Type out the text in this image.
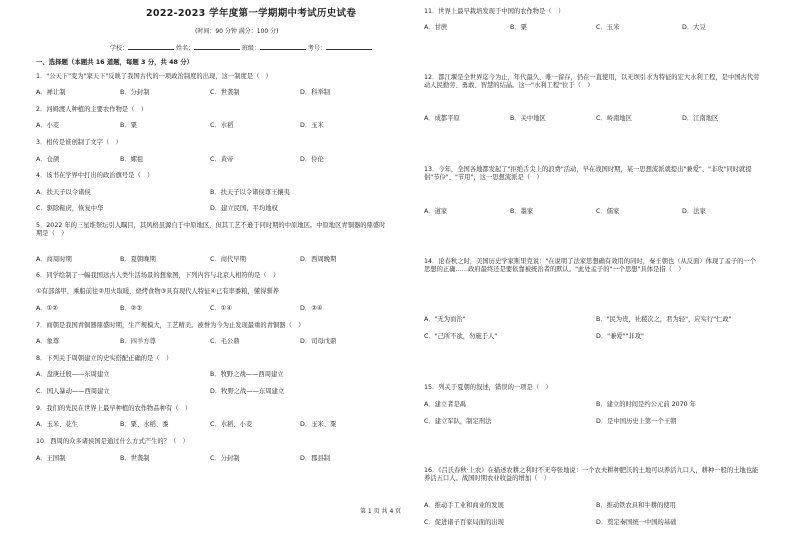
2022-2023 学年度第一学期期中考试历史试卷
(时间：90 分钟 满分：100 分)
学校：	姓名：	班级：	考号：
一、选择题（本题共 16 道题，每题 3 分，共 48 分）
1．"公天下"变为"家天下"反映了我国古代的一项政治制度的出现，这一制度是（　）
A．禅让制	B．分封制	C．世袭制	D．科举制
2．河姆渡人种植的主要农作物是（　）
A．小麦	B．粟	C．水稻	D．玉米
3．相传是谁创制了文字（　）
A．仓颉	B．嫘祖	C．黄帝	D．伶伦
4．该书在学界中打出的政治旗号是（　）
A．扶天子以令诸侯	B．扶天子以令诸侯尊王攘夷
C．驱除鞑虏，恢复中华	D．建立民国，平均地权
5．2022 年的三星堆祭坛引人瞩目，其风格虽源自于中原地区，但其工艺不逊于同时期的中原地区。中原地区青铜器的鼎盛时期是（　）
A．商周时期	B．夏朝晚期	C．商代早期	D．西周晚期
6．同学绘制了一幅我国远古人类生活场景的想象图，下列内容与北京人相符的是（　）
①有部落甲，乘船前往②用火取暖，烧烤食物③具有现代人特征④已有率黍粮，懂得驯养
A．①②	B．②③	C．①④	D．②④
7．商朝是我国青铜器鼎盛时期，生产规模大，工艺精美。被誉为今为止发现最重的青铜器（　）
A．象尊	B．四羊方尊	C．毛公鼎	D．司母戊鼎
8．下列关于周朝建立的史实搭配正确的是（　）
A．盘庚迁殷——东周建立	B．牧野之战——西周建立
C．国人暴动——西周建立	D．牧野之战——东周建立
9．我们的先民在世界上最早种植的农作物品种有（　）
A．玉米、花生	B．粟、水稻、黍	C．水稻、小麦	D．玉米、粟
10．西周的众多诸侯国是通过什么方式产生的？（　）
A．王国制	B．世袭制	C．分封制	D．郡县制
第 1 页 共 4 页
11．世界上最早栽培发现于中国的农作物是（　）
A．甘蔗	B．粟	C．玉米	D．大豆
12．都江堰是全世界迄今为止，年代最久、唯一留存，仍在一直使用，以无坝引水为特征的宏大水利工程，是中国古代劳动人民勤劳、勇敢、智慧的结晶。这一"水利工程"位于（　）
A．成都平原	B．关中地区	C．岭南地区	D．江南地区
13．今年，全国各地都发起了"拒绝舌尖上的浪费"活动，早在战国时期，某一思想流派就提出"兼爱"、"非攻"同时就提倡"节俭"、"节用"，这一思想流派是（　）
A．道家	B．墨家	C．儒家	D．法家
14．论春秋之时，美国历史学家斯里克说："在说明了法家思想确有效用的同时，秦王朝也（从反面）体现了孟子的一个思想的正确……政府最终还是要依靠被统治者的默认。"此处孟子的"一个思想"具体是指（　）
A．"无为而治"	B．"民为贵，社稷次之，君为轻"，应实行"仁政"
C．"己所不欲，勿施于人"	D．"兼爱""非攻"
15．列关于夏朝的叙述，错误的一项是（　）
A．建立者是禹	B．建立的时间是约公元前 2070 年
C．建立军队，制定刑法	D．是中国历史上第一个王朝
16．《吕氏春秋·上农》在描述农耕之利时不无夸张地说：一个农夫耕种肥沃的土地可以养活九口人，耕种一般的土地也能养活五口人。战国时期农业收益的增加（　）
A．推动手工业和商业的发展	B．推动铁农具和牛耕的使用
C．促进诸子百家局面的出现	D．奠定秦国统一中国的基础
